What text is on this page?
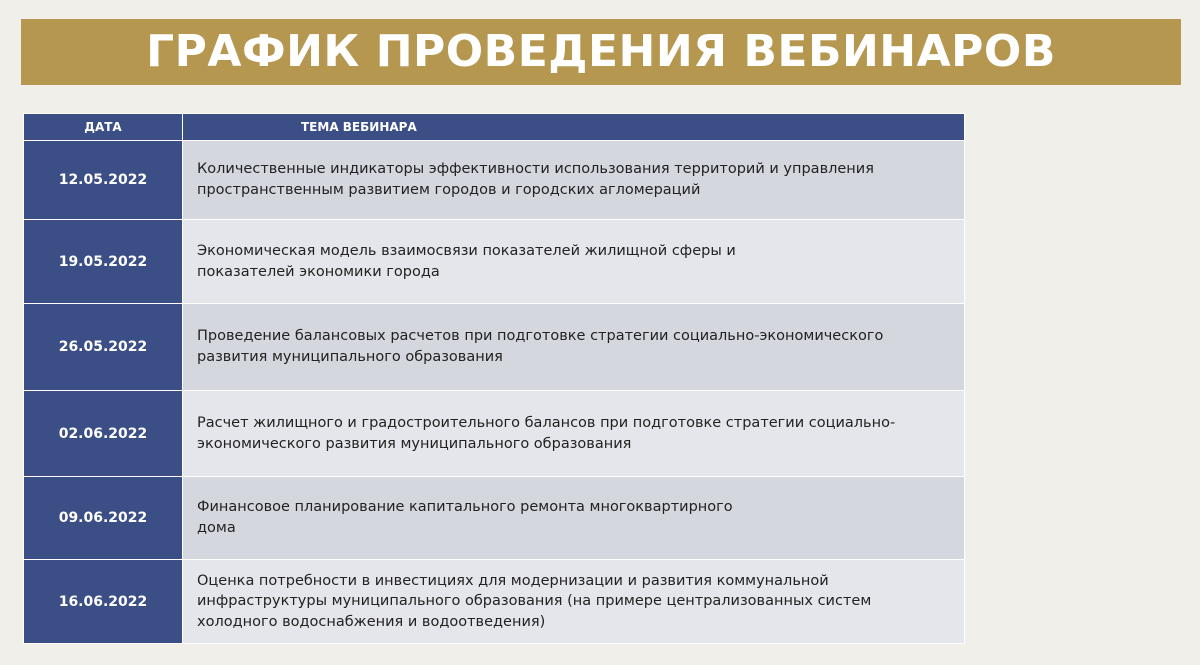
ГРАФИК ПРОВЕДЕНИЯ ВЕБИНАРОВ
ДАТА	ТЕМА ВЕБИНАРА
12.05.2022	Количественные индикаторы эффективности использования территорий и управления
пространственным развитием городов и городских агломераций

19.05.2022	Экономическая модель взаимосвязи показателей жилищной сферы и
показателей экономики города

26.05.2022	Проведение балансовых расчетов при подготовке стратегии социально-экономического
развития муниципального образования

02.06.2022	Расчет жилищного и градостроительного балансов при подготовке стратегии социально-
экономического развития муниципального образования

09.06.2022	Финансовое планирование капитального ремонта многоквартирного
дома

16.06.2022	Оценка потребности в инвестициях для модернизации и развития коммунальной
инфраструктуры муниципального образования (на примере централизованных систем
холодного водоснабжения и водоотведения)
